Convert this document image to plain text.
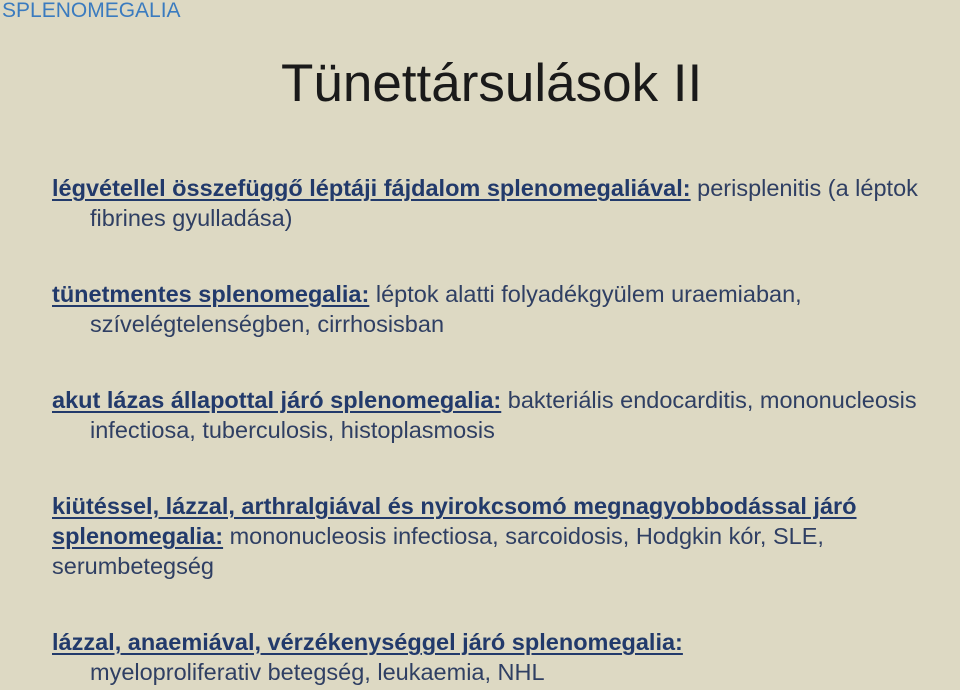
SPLENOMEGALIA
Tünettársulások II
légvétellel összefüggő léptáji fájdalom splenomegaliával: perisplenitis (a léptok fibrines gyulladása)
tünetmentes splenomegalia: léptok alatti folyadékgyülem uraemiaban, szívelégtelenségben, cirrhosisban
akut lázas állapottal járó splenomegalia: bakteriális endocarditis, mononucleosis infectiosa, tuberculosis, histoplasmosis
kiütéssel, lázzal, arthralgiával és nyirokcsomó megnagyobbodással járó splenomegalia: mononucleosis infectiosa, sarcoidosis, Hodgkin kór, SLE, serumbetegség
lázzal, anaemiával, vérzékenységgel járó splenomegalia:
myeloproliferativ betegség, leukaemia, NHL
